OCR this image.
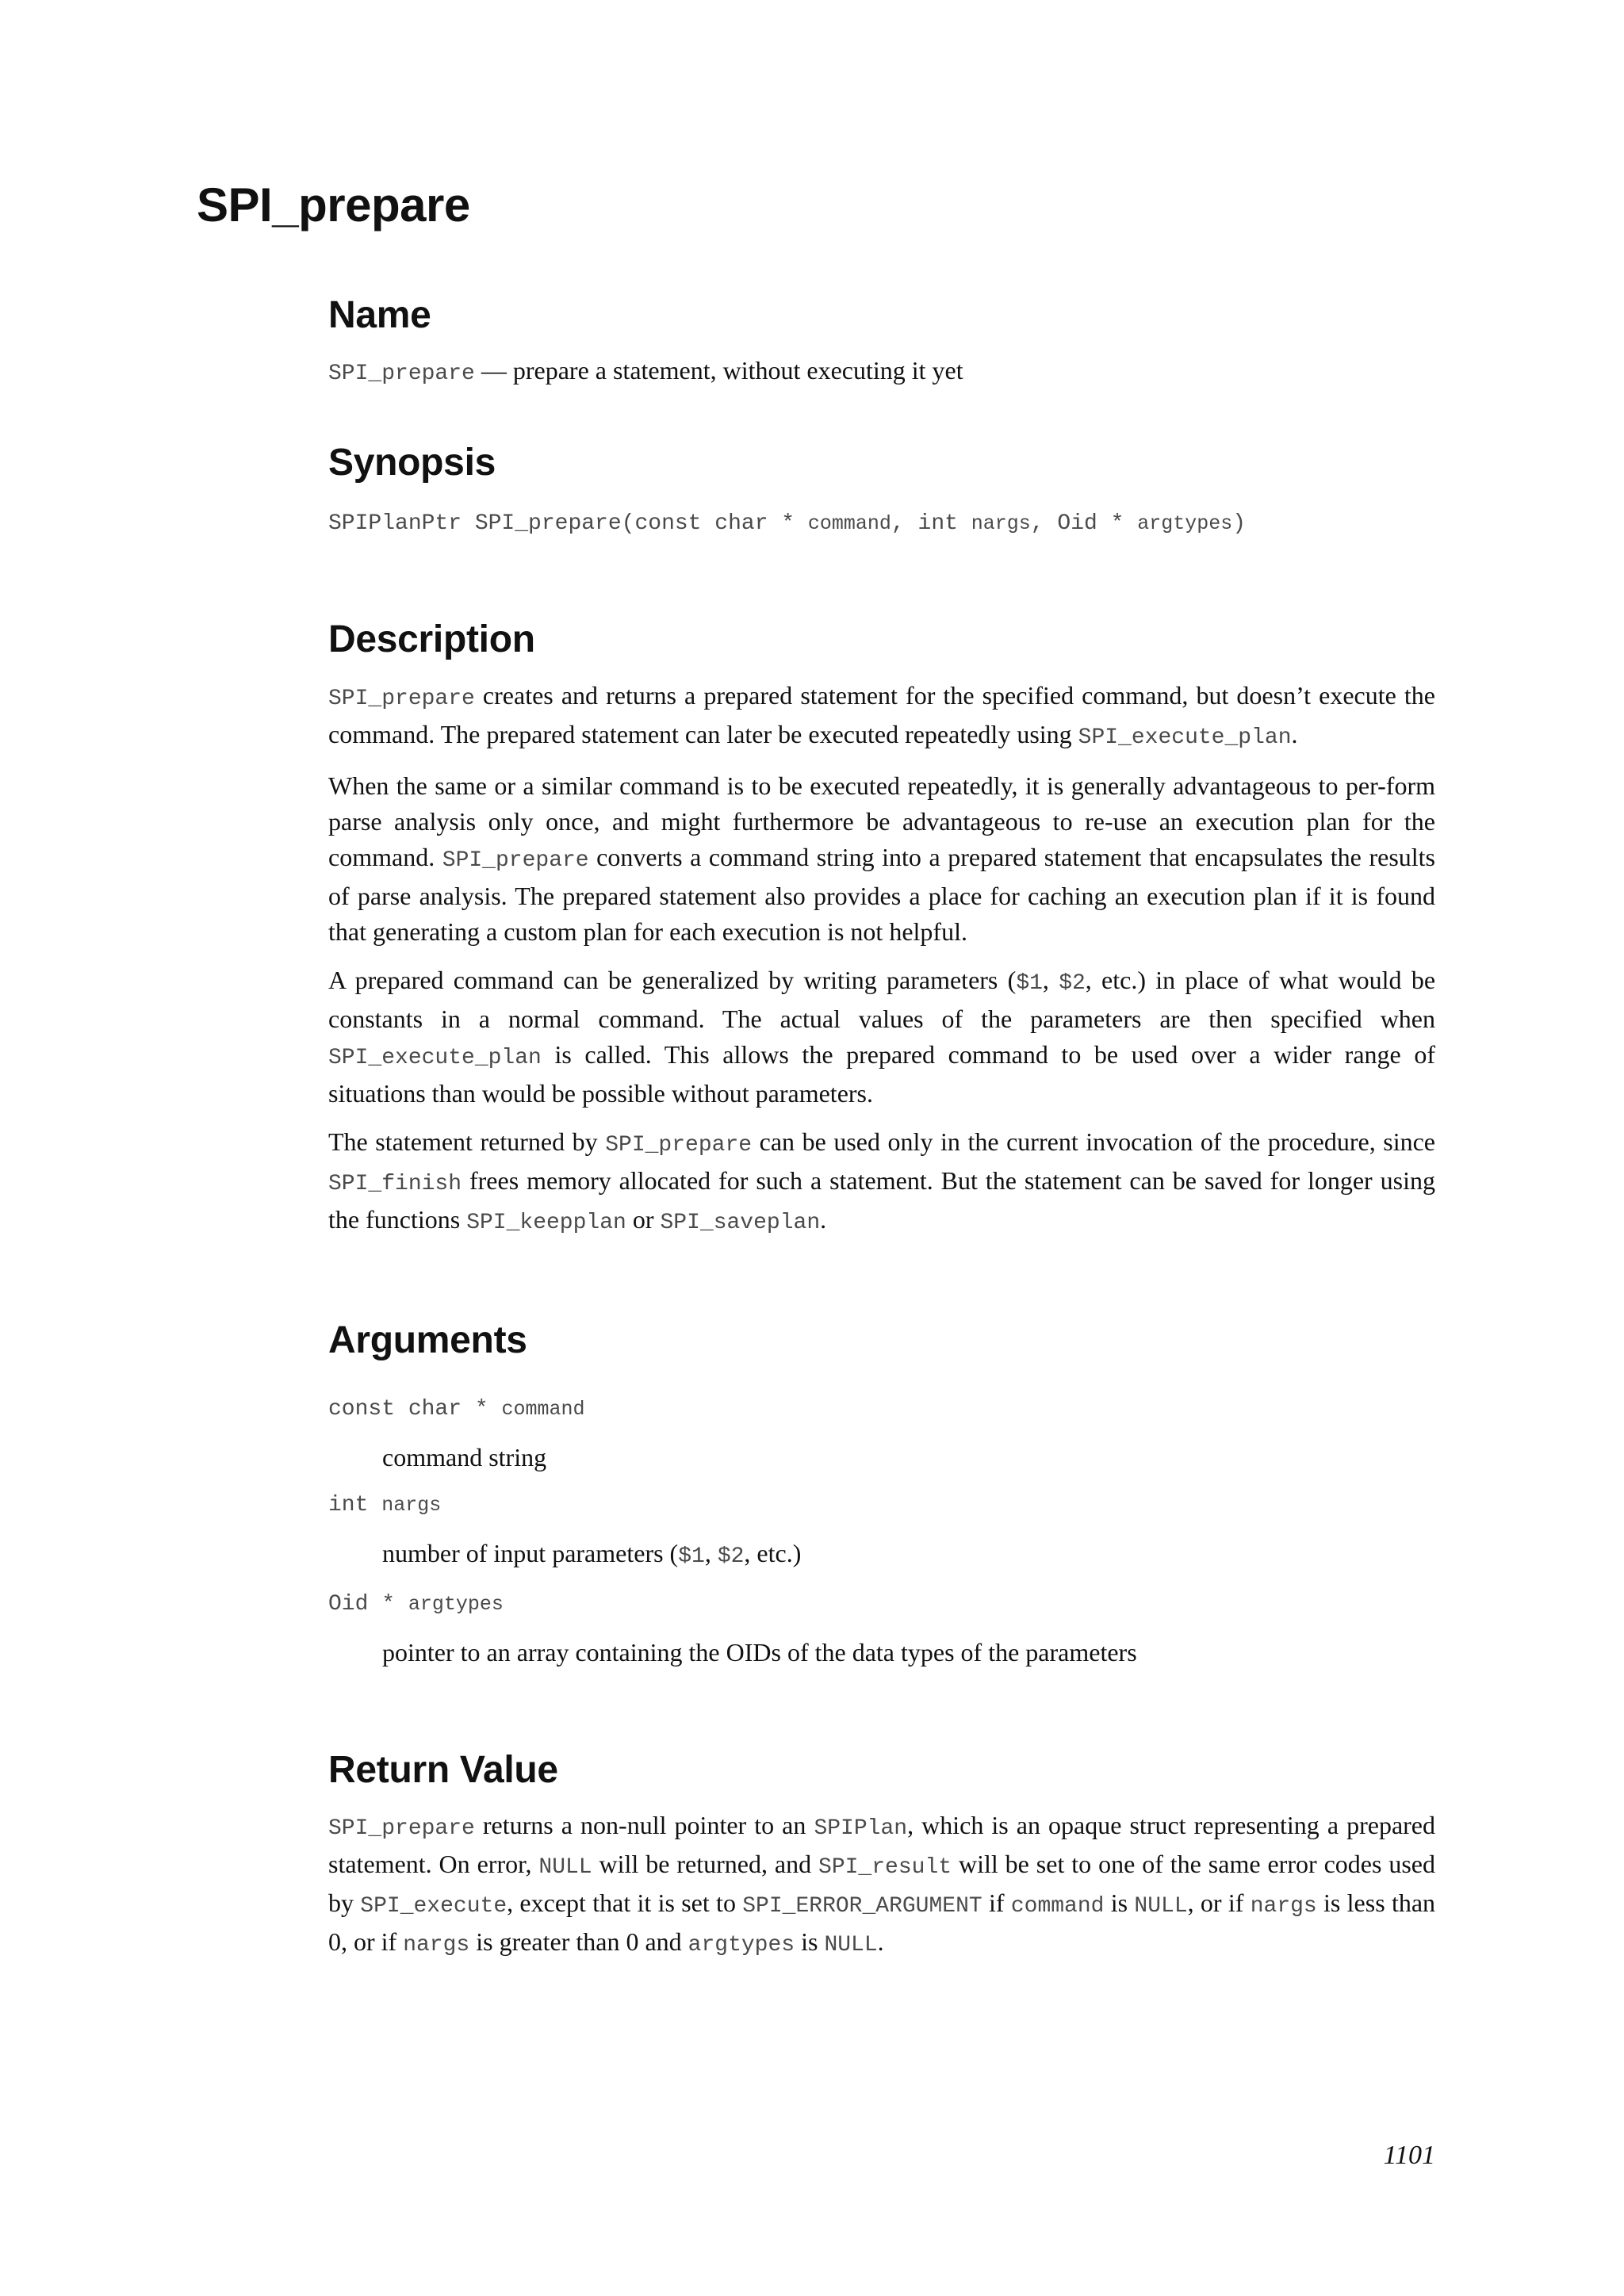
SPI_prepare
Name

SPI_prepare — prepare a statement, without executing it yet

Synopsis

SPIPlanPtr SPI_prepare(const char * command, int nargs, Oid * argtypes)

Description

SPI_prepare creates and returns a prepared statement for the specified command, but doesn’t execute the command. The prepared statement can later be executed repeatedly using SPI_execute_plan.

When the same or a similar command is to be executed repeatedly, it is generally advantageous to per-form parse analysis only once, and might furthermore be advantageous to re-use an execution plan for the command. SPI_prepare converts a command string into a prepared statement that encapsulates the results of parse analysis. The prepared statement also provides a place for caching an execution plan if it is found that generating a custom plan for each execution is not helpful.

A prepared command can be generalized by writing parameters ($1, $2, etc.) in place of what would be constants in a normal command. The actual values of the parameters are then specified when SPI_execute_plan is called. This allows the prepared command to be used over a wider range of situations than would be possible without parameters.

The statement returned by SPI_prepare can be used only in the current invocation of the procedure, since SPI_finish frees memory allocated for such a statement. But the statement can be saved for longer using the functions SPI_keepplan or SPI_saveplan.

Arguments

const char * command

command string

int nargs

number of input parameters ($1, $2, etc.)

Oid * argtypes

pointer to an array containing the OIDs of the data types of the parameters

Return Value

SPI_prepare returns a non-null pointer to an SPIPlan, which is an opaque struct representing a prepared statement. On error, NULL will be returned, and SPI_result will be set to one of the same error codes used by SPI_execute, except that it is set to SPI_ERROR_ARGUMENT if command is NULL, or if nargs is less than 0, or if nargs is greater than 0 and argtypes is NULL.

1101
